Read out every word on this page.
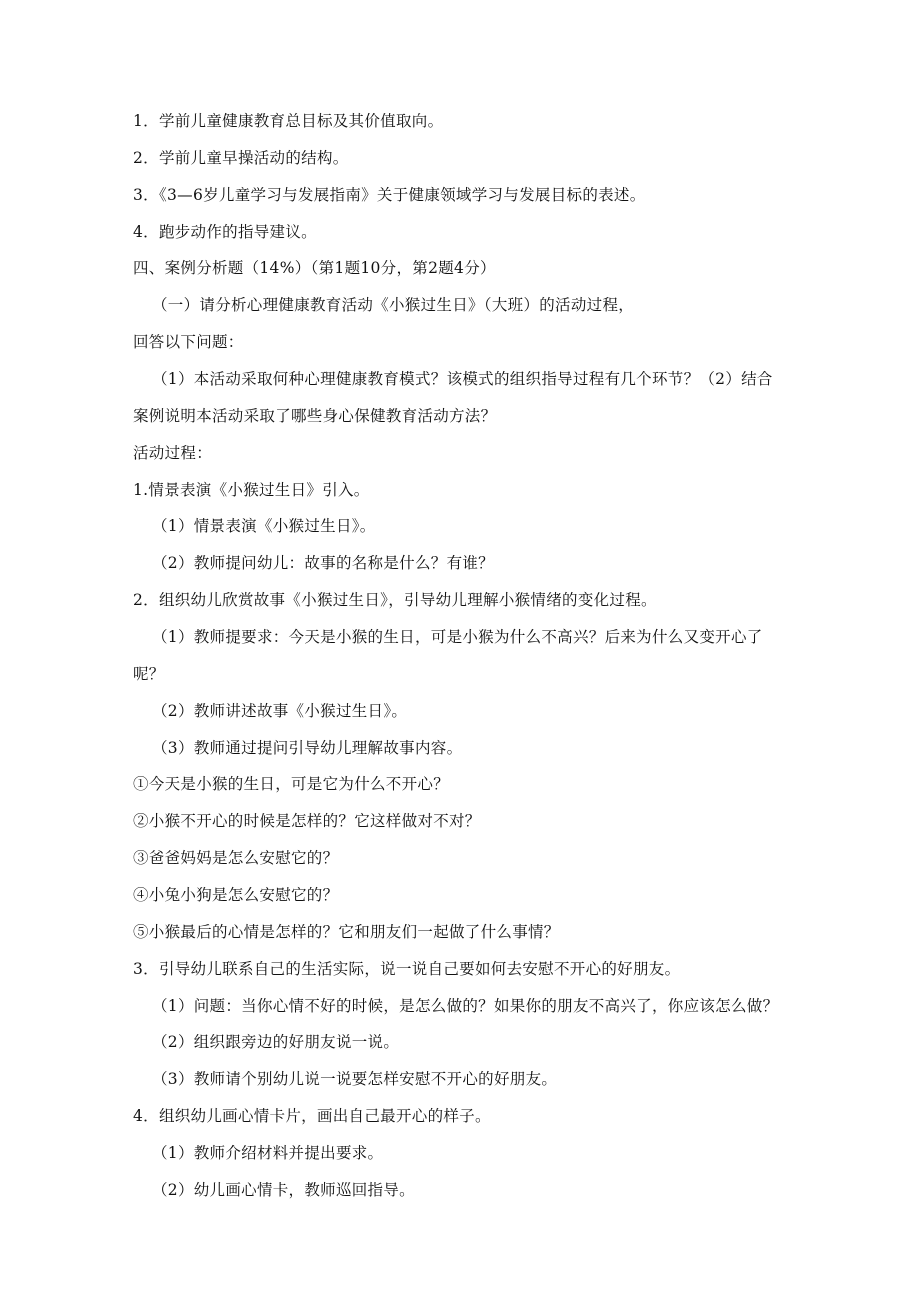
1．学前儿童健康教育总目标及其价值取向。
2．学前儿童早操活动的结构。
3．《3—6岁儿童学习与发展指南》关于健康领域学习与发展目标的表述。
4．跑步动作的指导建议。
四、案例分析题（14%）（第1题10分，第2题4分）
（一）请分析心理健康教育活动《小猴过生日》（大班）的活动过程，
回答以下问题：
（1）本活动采取何种心理健康教育模式？该模式的组织指导过程有几个环节？（2）结合
案例说明本活动采取了哪些身心保健教育活动方法？
活动过程：
1.情景表演《小猴过生日》引入。
（1）情景表演《小猴过生日》。
（2）教师提问幼儿：故事的名称是什么？有谁？
2．组织幼儿欣赏故事《小猴过生日》，引导幼儿理解小猴情绪的变化过程。
（1）教师提要求：今天是小猴的生日，可是小猴为什么不高兴？后来为什么又变开心了
呢？
（2）教师讲述故事《小猴过生日》。
（3）教师通过提问引导幼儿理解故事内容。
①今天是小猴的生日，可是它为什么不开心？
②小猴不开心的时候是怎样的？它这样做对不对？
③爸爸妈妈是怎么安慰它的？
④小兔小狗是怎么安慰它的？
⑤小猴最后的心情是怎样的？它和朋友们一起做了什么事情？
3．引导幼儿联系自己的生活实际，说一说自己要如何去安慰不开心的好朋友。
（1）问题：当你心情不好的时候，是怎么做的？如果你的朋友不高兴了，你应该怎么做？
（2）组织跟旁边的好朋友说一说。
（3）教师请个别幼儿说一说要怎样安慰不开心的好朋友。
4．组织幼儿画心情卡片，画出自己最开心的样子。
（1）教师介绍材料并提出要求。
（2）幼儿画心情卡，教师巡回指导。
